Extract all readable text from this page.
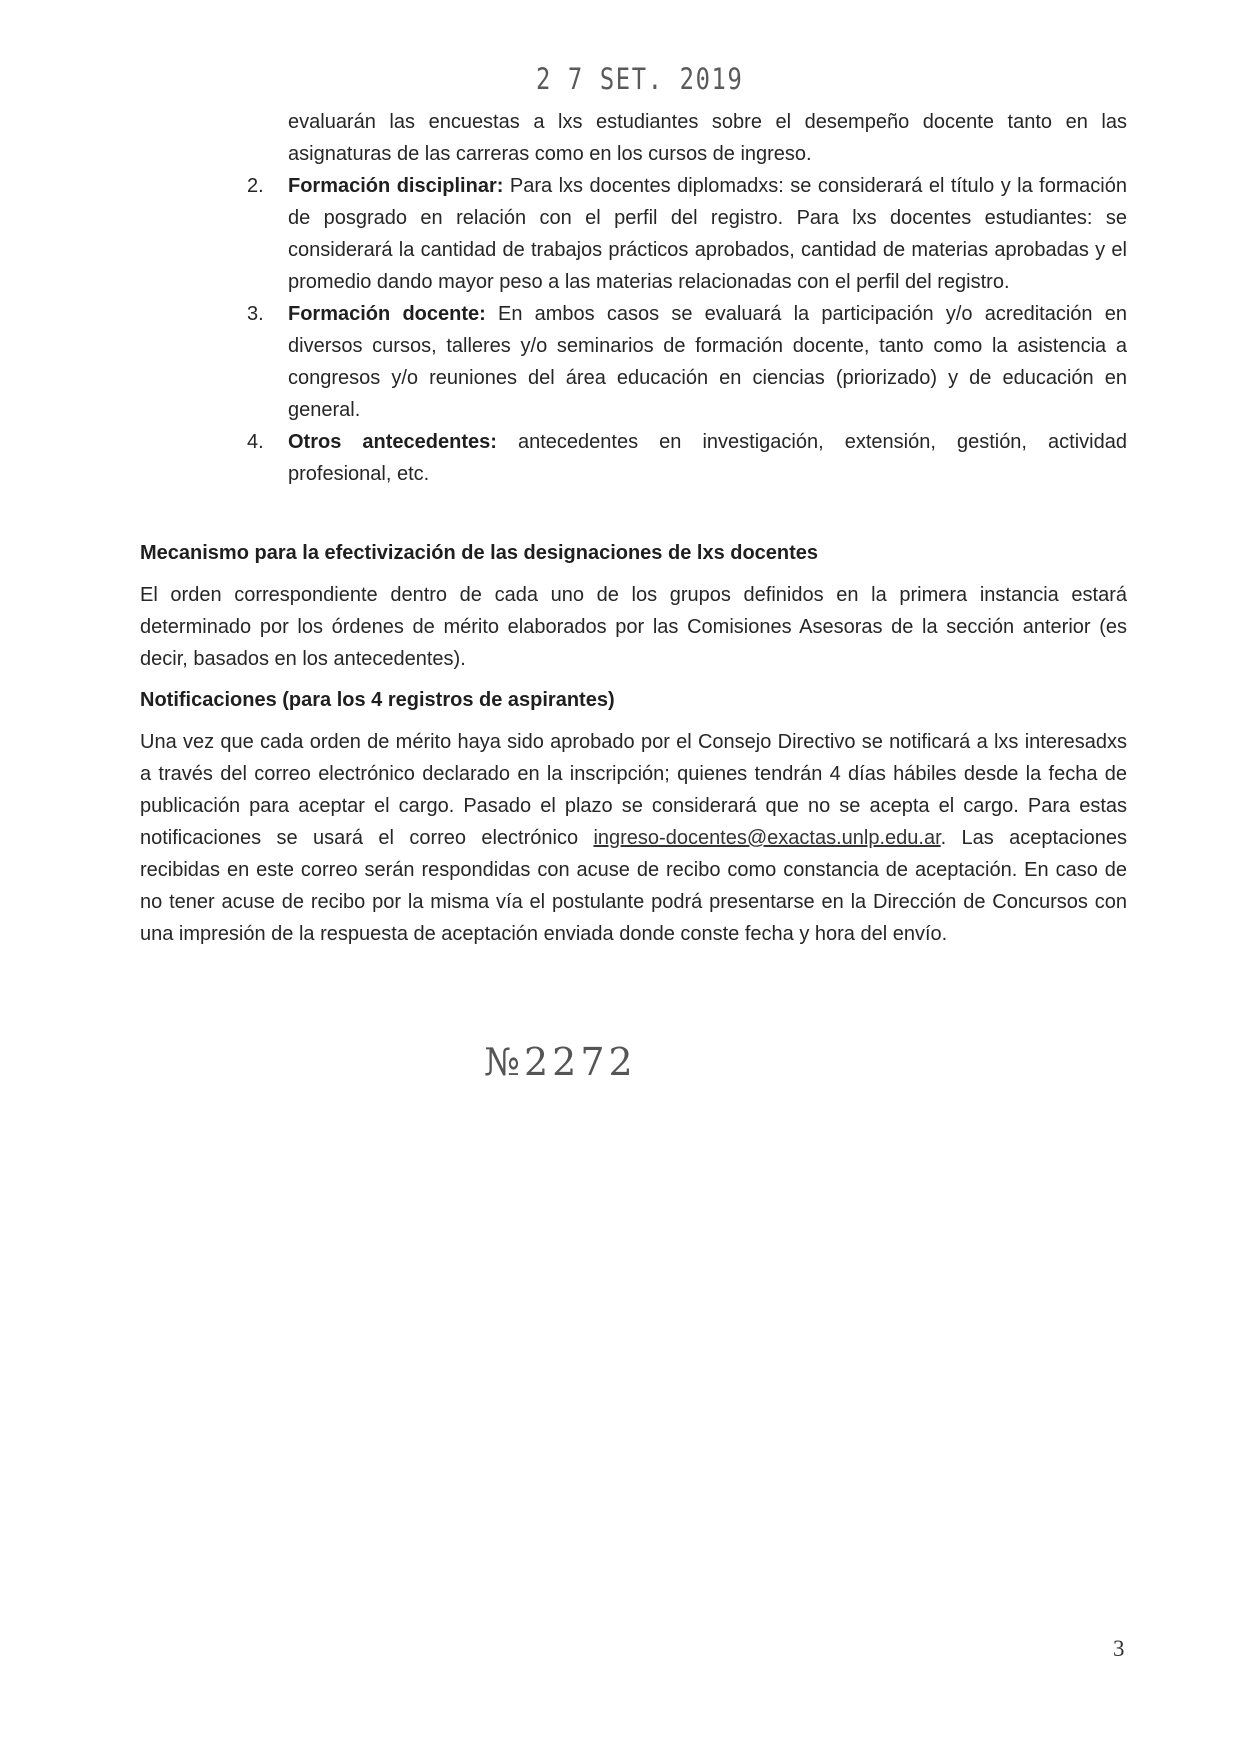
2 7 SET. 2019
evaluarán las encuestas a lxs estudiantes sobre el desempeño docente tanto en las asignaturas de las carreras como en los cursos de ingreso.
2. Formación disciplinar: Para lxs docentes diplomadxs: se considerará el título y la formación de posgrado en relación con el perfil del registro. Para lxs docentes estudiantes: se considerará la cantidad de trabajos prácticos aprobados, cantidad de materias aprobadas y el promedio dando mayor peso a las materias relacionadas con el perfil del registro.
3. Formación docente: En ambos casos se evaluará la participación y/o acreditación en diversos cursos, talleres y/o seminarios de formación docente, tanto como la asistencia a congresos y/o reuniones del área educación en ciencias (priorizado) y de educación en general.
4. Otros antecedentes: antecedentes en investigación, extensión, gestión, actividad profesional, etc.
Mecanismo para la efectivización de las designaciones de lxs docentes

El orden correspondiente dentro de cada uno de los grupos definidos en la primera instancia estará determinado por los órdenes de mérito elaborados por las Comisiones Asesoras de la sección anterior (es decir, basados en los antecedentes).

Notificaciones (para los 4 registros de aspirantes)

Una vez que cada orden de mérito haya sido aprobado por el Consejo Directivo se notificará a lxs interesadxs a través del correo electrónico declarado en la inscripción; quienes tendrán 4 días hábiles desde la fecha de publicación para aceptar el cargo. Pasado el plazo se considerará que no se acepta el cargo. Para estas notificaciones se usará el correo electrónico ingreso-docentes@exactas.unlp.edu.ar. Las aceptaciones recibidas en este correo serán respondidas con acuse de recibo como constancia de aceptación. En caso de no tener acuse de recibo por la misma vía el postulante podrá presentarse en la Dirección de Concursos con una impresión de la respuesta de aceptación enviada donde conste fecha y hora del envío.

№2272
3
